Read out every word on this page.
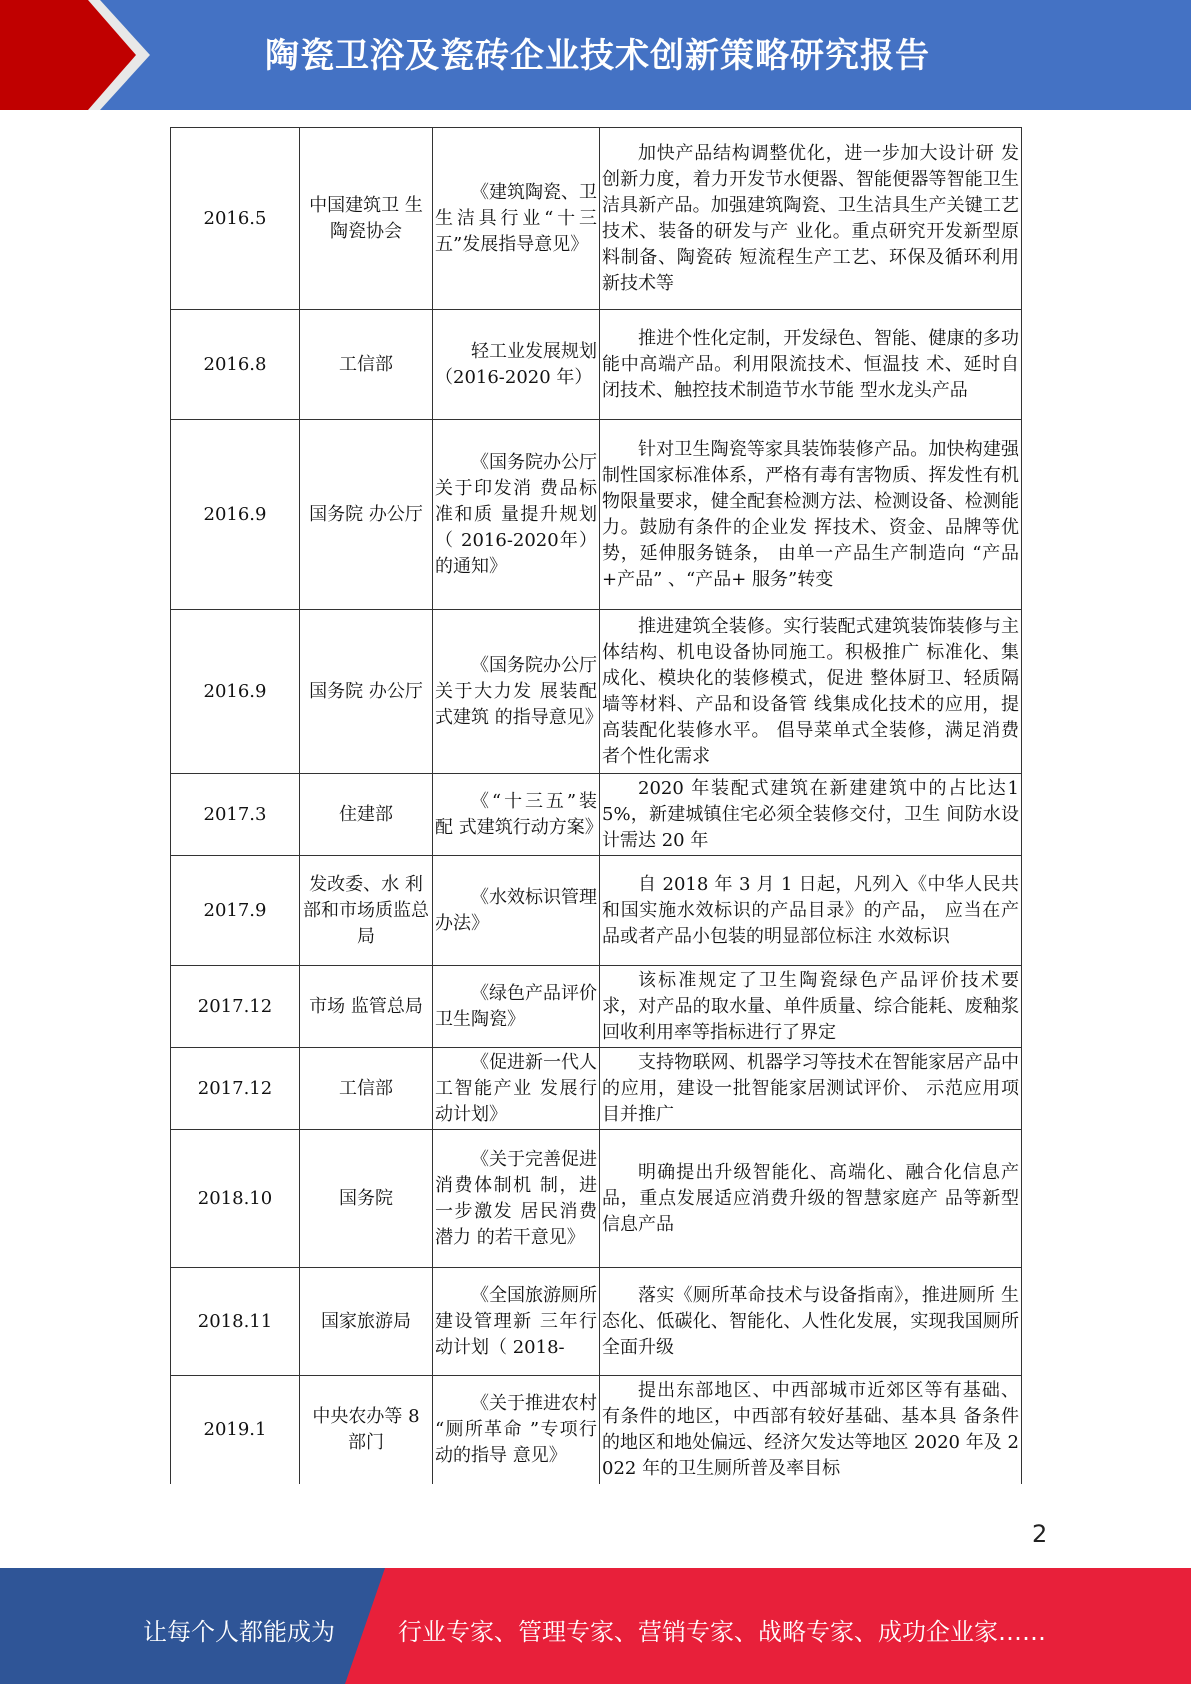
陶瓷卫浴及瓷砖企业技术创新策略研究报告
2016.5	中国建筑卫 生陶瓷协会	《建筑陶瓷、卫 生洁具行业“十三五”发展指导意见》	加快产品结构调整优化，进一步加大设计研 发创新力度，着力开发节水便器、智能便器等智能卫生洁具新产品。加强建筑陶瓷、卫生洁具生产关键工艺技术、装备的研发与产 业化。重点研究开发新型原料制备、陶瓷砖 短流程生产工艺、环保及循环利用新技术等
2016.8	工信部	轻工业发展规划（2016-2020 年）	推进个性化定制，开发绿色、智能、健康的多功能中高端产品。利用限流技术、恒温技 术、延时自闭技术、触控技术制造节水节能 型水龙头产品
2016.9	国务院 办公厅	《国务院办公厅关于印发消 费品标准和质 量提升规划（ 2016-2020年） 的通知》	针对卫生陶瓷等家具装饰装修产品。加快构建强制性国家标准体系，严格有毒有害物质、挥发性有机物限量要求，健全配套检测方法、检测设备、检测能力。鼓励有条件的企业发 挥技术、资金、品牌等优势，延伸服务链条， 由单一产品生产制造向 “产品+产品” 、“产品+ 服务”转变
2016.9	国务院 办公厅	《国务院办公厅关于大力发 展装配式建筑 的指导意见》	推进建筑全装修。实行装配式建筑装饰装修与主体结构、机电设备协同施工。积极推广 标准化、集成化、模块化的装修模式，促进 整体厨卫、轻质隔墙等材料、产品和设备管 线集成化技术的应用，提高装配化装修水平。 倡导菜单式全装修，满足消费者个性化需求
2017.3	住建部	《“十三五”装配 式建筑行动方案》	2020 年装配式建筑在新建建筑中的占比达15%，新建城镇住宅必须全装修交付，卫生 间防水设计需达 20 年
2017.9	发改委、水 利部和市场质监总局	《水效标识管理办法》	自 2018 年 3 月 1 日起，凡列入《中华人民共和国实施水效标识的产品目录》的产品， 应当在产品或者产品小包装的明显部位标注 水效标识
2017.12	市场 监管总局	《绿色产品评价卫生陶瓷》	该标准规定了卫生陶瓷绿色产品评价技术要 求，对产品的取水量、单件质量、综合能耗、废釉浆回收利用率等指标进行了界定
2017.12	工信部	《促进新一代人工智能产业 发展行动计划》	支持物联网、机器学习等技术在智能家居产品中的应用，建设一批智能家居测试评价、 示范应用项目并推广
2018.10	国务院	《关于完善促进消费体制机 制，进一步激发 居民消费潜力 的若干意见》	明确提出升级智能化、高端化、融合化信息产品，重点发展适应消费升级的智慧家庭产 品等新型信息产品
2018.11	国家旅游局	《全国旅游厕所建设管理新 三年行动计划（ 2018-	落实《厕所革命技术与设备指南》，推进厕所 生态化、低碳化、智能化、人性化发展，实现我国厕所全面升级
2019.1	中央农办等 8 部门	《关于推进农村 “厕所革命 ”专项行动的指导 意见》	提出东部地区、中西部城市近郊区等有基础、 有条件的地区，中西部有较好基础、基本具 备条件的地区和地处偏远、经济欠发达等地区 2020 年及 2022 年的卫生厕所普及率目标
2
让每个人都能成为	行业专家、管理专家、营销专家、战略专家、成功企业家……
